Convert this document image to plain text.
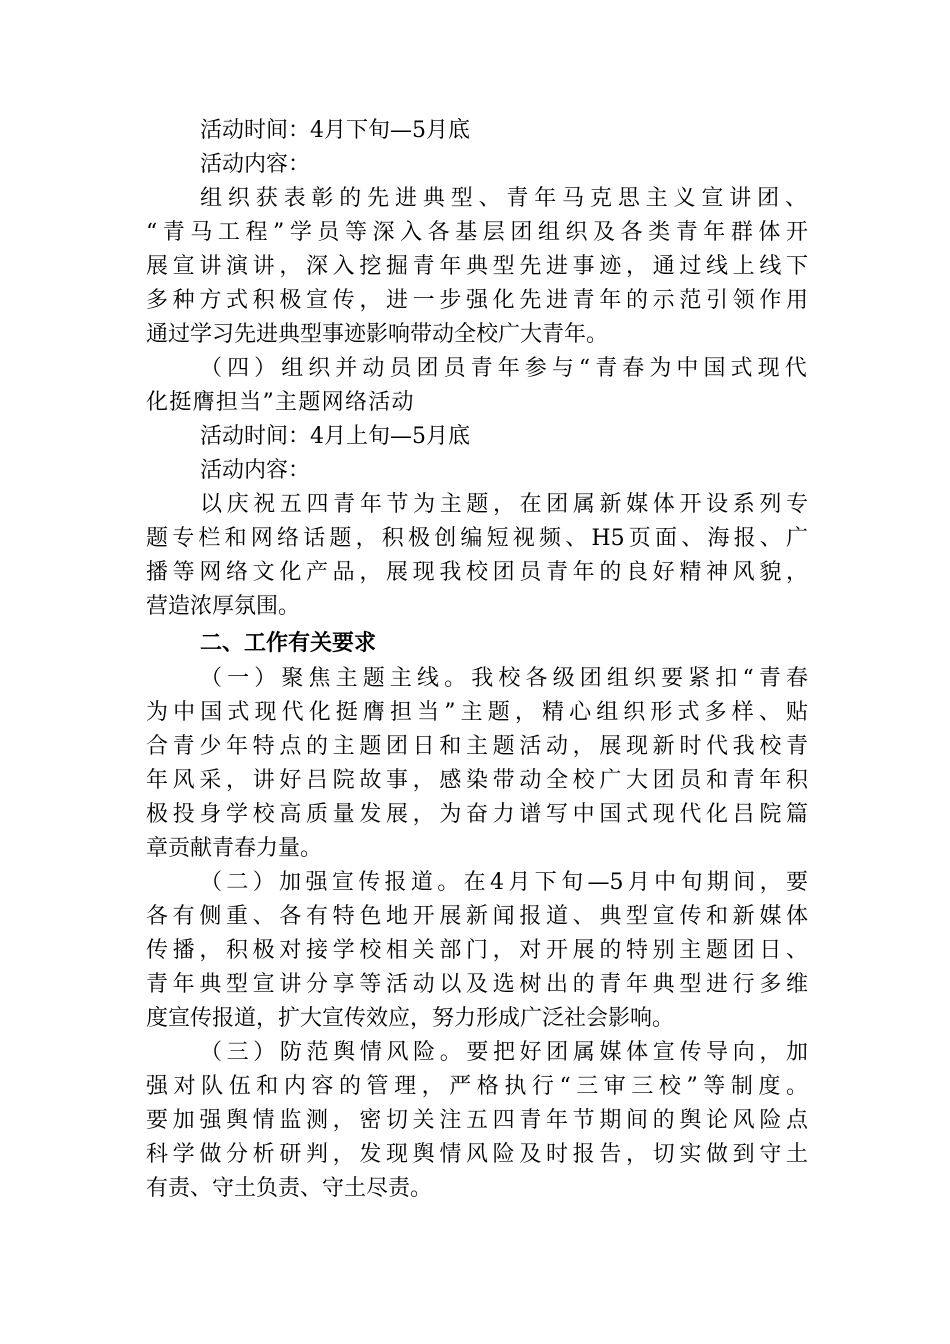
活动时间：4月下旬—5月底
活动内容：
组织获表彰的先进典型、青年马克思主义宣讲团、
“青马工程”学员等深入各基层团组织及各类青年群体开
展宣讲演讲，深入挖掘青年典型先进事迹，通过线上线下
多种方式积极宣传，进一步强化先进青年的示范引领作用
通过学习先进典型事迹影响带动全校广大青年。
（四）组织并动员团员青年参与“青春为中国式现代
化挺膺担当”主题网络活动
活动时间：4月上旬—5月底
活动内容：
以庆祝五四青年节为主题，在团属新媒体开设系列专
题专栏和网络话题，积极创编短视频、H5页面、海报、广
播等网络文化产品，展现我校团员青年的良好精神风貌，
营造浓厚氛围。
二、工作有关要求
（一）聚焦主题主线。我校各级团组织要紧扣“青春
为中国式现代化挺膺担当”主题，精心组织形式多样、贴
合青少年特点的主题团日和主题活动，展现新时代我校青
年风采，讲好吕院故事，感染带动全校广大团员和青年积
极投身学校高质量发展，为奋力谱写中国式现代化吕院篇
章贡献青春力量。
（二）加强宣传报道。在4月下旬—5月中旬期间，要
各有侧重、各有特色地开展新闻报道、典型宣传和新媒体
传播，积极对接学校相关部门，对开展的特别主题团日、
青年典型宣讲分享等活动以及选树出的青年典型进行多维
度宣传报道，扩大宣传效应，努力形成广泛社会影响。
（三）防范舆情风险。要把好团属媒体宣传导向，加
强对队伍和内容的管理，严格执行“三审三校”等制度。
要加强舆情监测，密切关注五四青年节期间的舆论风险点
科学做分析研判，发现舆情风险及时报告，切实做到守土
有责、守土负责、守土尽责。
